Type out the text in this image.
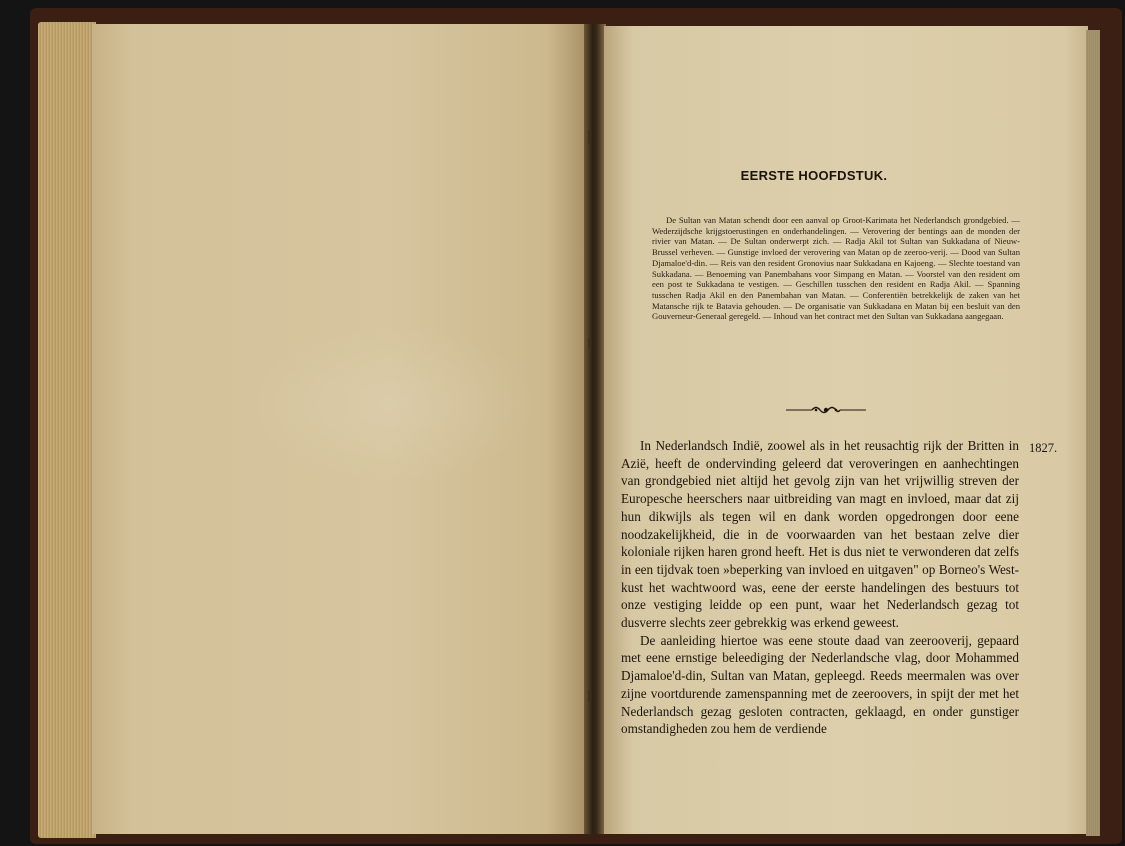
EERSTE HOOFDSTUK.
De Sultan van Matan schendt door een aanval op Groot-Karimata het Nederlandsch grondgebied. — Wederzijdsche krijgstoerustingen en onderhandelingen. — Verovering der bentings aan de monden der rivier van Matan. — De Sultan onderwerpt zich. — Radja Akil tot Sultan van Sukkadana of Nieuw-Brussel verheven. — Gunstige invloed der verovering van Matan op de zeeroo-verij. — Dood van Sultan Djamaloe'd-din. — Reis van den resident Gronovius naar Sukkadana en Kajoeng. — Slechte toestand van Sukkadana. — Benoeming van Panembahans voor Simpang en Matan. — Voorstel van den resident om een post te Sukkadana te vestigen. — Geschillen tusschen den resident en Radja Akil. — Spanning tusschen Radja Akil en den Panembahan van Matan. — Conferentiën betrekkelijk de zaken van het Matansche rijk te Batavia gehouden. — De organisatie van Sukkadana en Matan bij een besluit van den Gouverneur-Generaal geregeld. — Inhoud van het contract met den Sultan van Sukkadana aangegaan.
1827.

In Nederlandsch Indië, zoowel als in het reusachtig rijk der Britten in Azië, heeft de ondervinding geleerd dat veroveringen en aanhechtingen van grondgebied niet altijd het gevolg zijn van het vrijwillig streven der Europesche heerschers naar uitbreiding van magt en invloed, maar dat zij hun dikwijls als tegen wil en dank worden opgedrongen door eene noodzakelijkheid, die in de voorwaarden van het bestaan zelve dier koloniale rijken haren grond heeft. Het is dus niet te verwonderen dat zelfs in een tijdvak toen »beperking van invloed en uitgaven" op Borneo's West-kust het wachtwoord was, eene der eerste handelingen des bestuurs tot onze vestiging leidde op een punt, waar het Nederlandsch gezag tot dusverre slechts zeer gebrekkig was erkend geweest.

De aanleiding hiertoe was eene stoute daad van zeerooverij, gepaard met eene ernstige beleediging der Nederlandsche vlag, door Mohammed Djamaloe'd-din, Sultan van Matan, gepleegd. Reeds meermalen was over zijne voortdurende zamenspanning met de zeeroovers, in spijt der met het Nederlandsch gezag gesloten contracten, geklaagd, en onder gunstiger omstandigheden zou hem de verdiende
